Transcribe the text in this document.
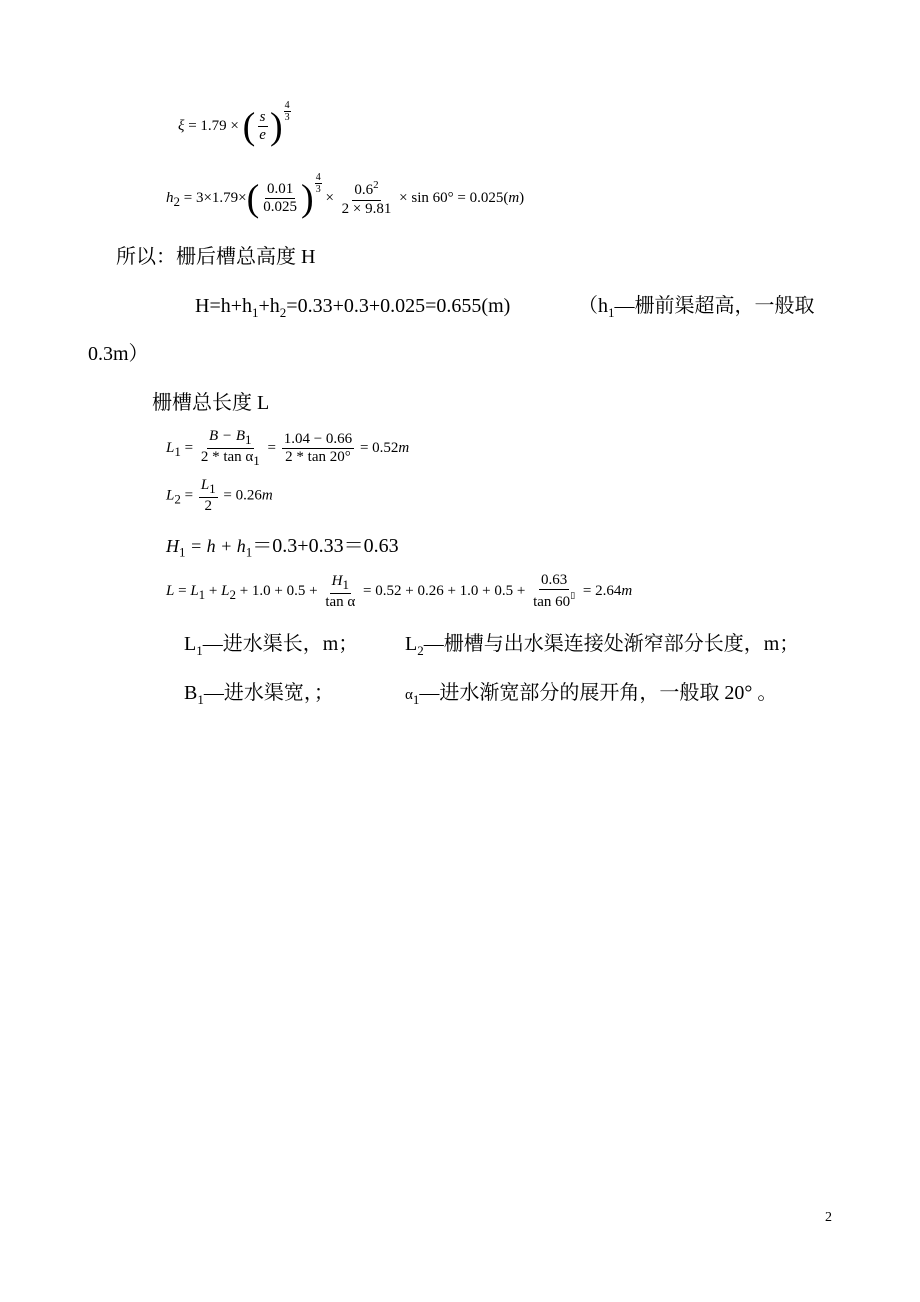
ξ = 1.79 × ( $\frac{s}{e}$ ) $\frac{4}{3}$
$h_2 = 3\times 1.79\times( \frac{0.01}{0.025}$ ) $\frac{4}{3}$
× $\frac{0.6^2}{2 \times 9.81} \times \sin 60^\circ = 0.025(m)$
所以：栅后槽总高度 H
$H=h+h_1+h_2=0.33+0.3+0.025=0.655(m)$	（$h_1—$栅前渠超高，一般取
0.3m）
栅槽总长度 L
$L_1 = \frac{B - B_1}{2 * \tan \alpha_1} = \frac{1.04 - 0.66}{2 * \tan 20^\circ} = 0.52m$
$L_2 = \frac{L_1}{2} = 0.26m$
$H_1 = h + h_1=0.3+0.33=0.63$
$L = L_1 + L_2 + 1.0 + 0.5 + \frac{H_1}{\text{tan α}} = 0.52 + 0.26 + 1.0 + 0.5 + \frac{0.63}{\tan 60^▯} = 2.64m$
$L_1—$进水渠长，m； $L_2—$栅槽与出水渠连接处渐窄部分长度，m；
$B_1—$进水渠宽，；	$\alpha_1—$进水渐宽部分的展开角，一般取 20° 。
2
